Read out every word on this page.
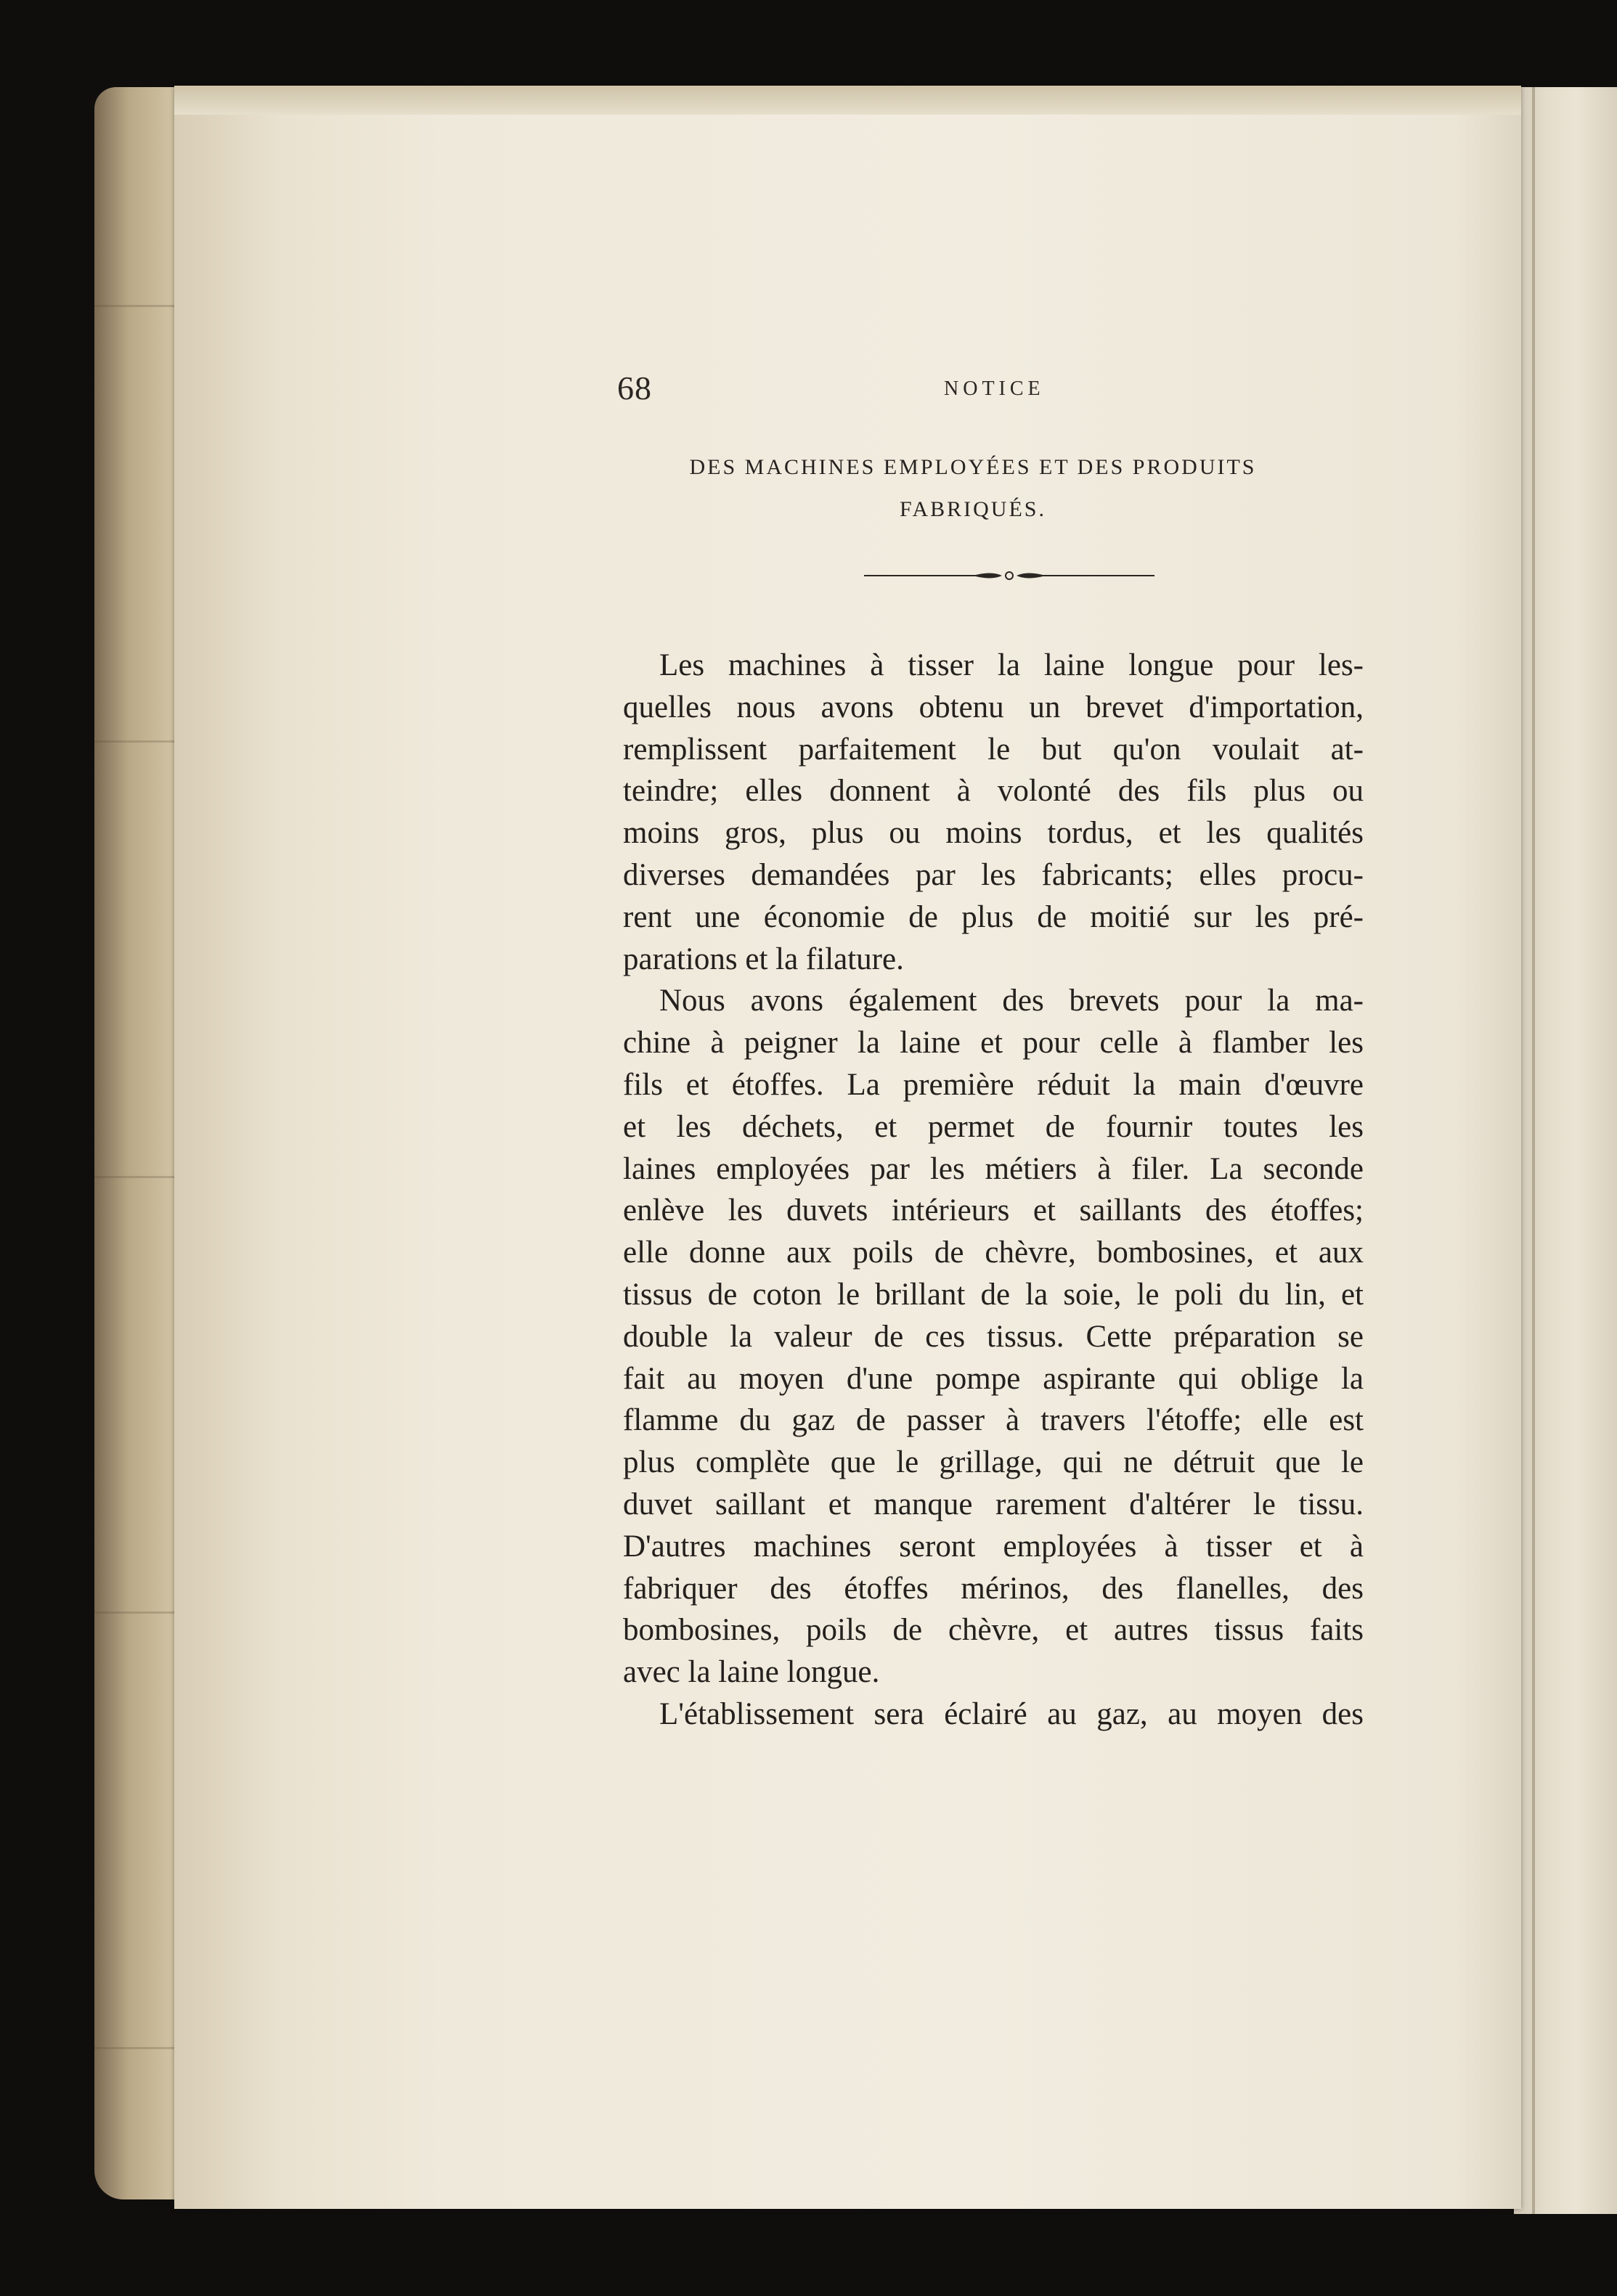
68	NOTICE
DES MACHINES EMPLOYÉES ET DES PRODUITS
FABRIQUÉS.

Les machines à tisser la laine longue pour les-
quelles nous avons obtenu un brevet d'importation,
remplissent parfaitement le but qu'on voulait at-
teindre; elles donnent à volonté des fils plus ou
moins gros, plus ou moins tordus, et les qualités
diverses demandées par les fabricants; elles procu-
rent une économie de plus de moitié sur les pré-
parations et la filature.

Nous avons également des brevets pour la ma-
chine à peigner la laine et pour celle à flamber les
fils et étoffes. La première réduit la main d'œuvre
et les déchets, et permet de fournir toutes les
laines employées par les métiers à filer. La seconde
enlève les duvets intérieurs et saillants des étoffes;
elle donne aux poils de chèvre, bombosines, et aux
tissus de coton le brillant de la soie, le poli du lin, et
double la valeur de ces tissus. Cette préparation se
fait au moyen d'une pompe aspirante qui oblige la
flamme du gaz de passer à travers l'étoffe; elle est
plus complète que le grillage, qui ne détruit que le
duvet saillant et manque rarement d'altérer le tissu.
D'autres machines seront employées à tisser et à
fabriquer des étoffes mérinos, des flanelles, des
bombosines, poils de chèvre, et autres tissus faits
avec la laine longue.

L'établissement sera éclairé au gaz, au moyen des
